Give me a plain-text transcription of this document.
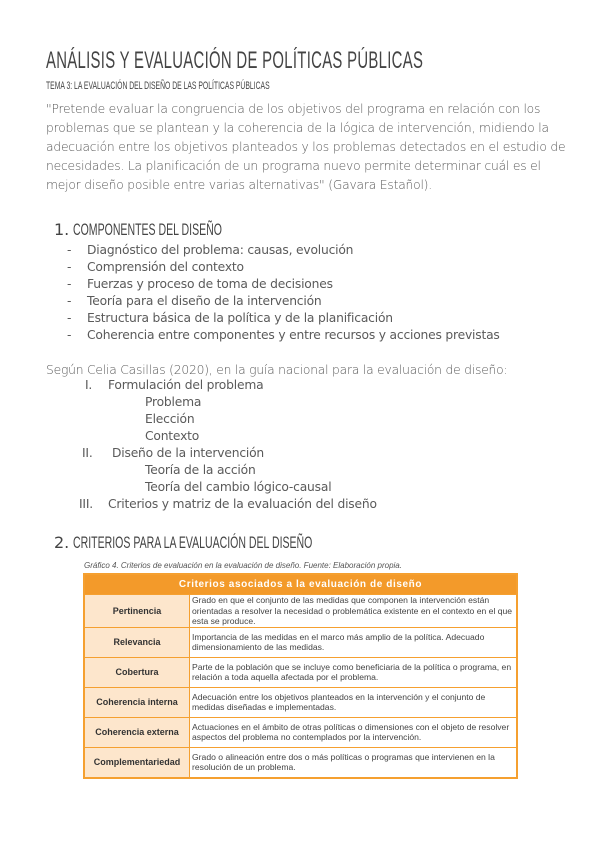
ANÁLISIS Y EVALUACIÓN DE POLÍTICAS PÚBLICAS
TEMA 3: LA EVALUACIÓN DEL DISEÑO DE LAS POLÍTICAS PÚBLICAS
"Pretende evaluar la congruencia de los objetivos del programa en relación con los problemas que se plantean y la coherencia de la lógica de intervención, midiendo la adecuación entre los objetivos planteados y los problemas detectados en el estudio de necesidades. La planificación de un programa nuevo permite determinar cuál es el mejor diseño posible entre varias alternativas" (Gavara Estañol).
1. COMPONENTES DEL DISEÑO
- Diagnóstico del problema: causas, evolución
- Comprensión del contexto
- Fuerzas y proceso de toma de decisiones
- Teoría para el diseño de la intervención
- Estructura básica de la política y de la planificación
- Coherencia entre componentes y entre recursos y acciones previstas
Según Celia Casillas (2020), en la guía nacional para la evaluación de diseño:
I. Formulación del problema
Problema
Elección
Contexto
II. Diseño de la intervención
Teoría de la acción
Teoría del cambio lógico-causal
III. Criterios y matriz de la evaluación del diseño
2. CRITERIOS PARA LA EVALUACIÓN DEL DISEÑO
Gráfico 4. Criterios de evaluación en la evaluación de diseño. Fuente: Elaboración propia.
Criterios asociados a la evaluación de diseño	
Pertinencia	Grado en que el conjunto de las medidas que componen la intervención están orientadas a resolver la necesidad o problemática existente en el contexto en el que esta se produce.
Relevancia	Importancia de las medidas en el marco más amplio de la política. Adecuado dimensionamiento de las medidas.
Cobertura	Parte de la población que se incluye como beneficiaria de la política o programa, en relación a toda aquella afectada por el problema.
Coherencia interna	Adecuación entre los objetivos planteados en la intervención y el conjunto de medidas diseñadas e implementadas.
Coherencia externa	Actuaciones en el ámbito de otras políticas o dimensiones con el objeto de resolver aspectos del problema no contemplados por la intervención.
Complementariedad	Grado o alineación entre dos o más políticas o programas que intervienen en la resolución de un problema.
